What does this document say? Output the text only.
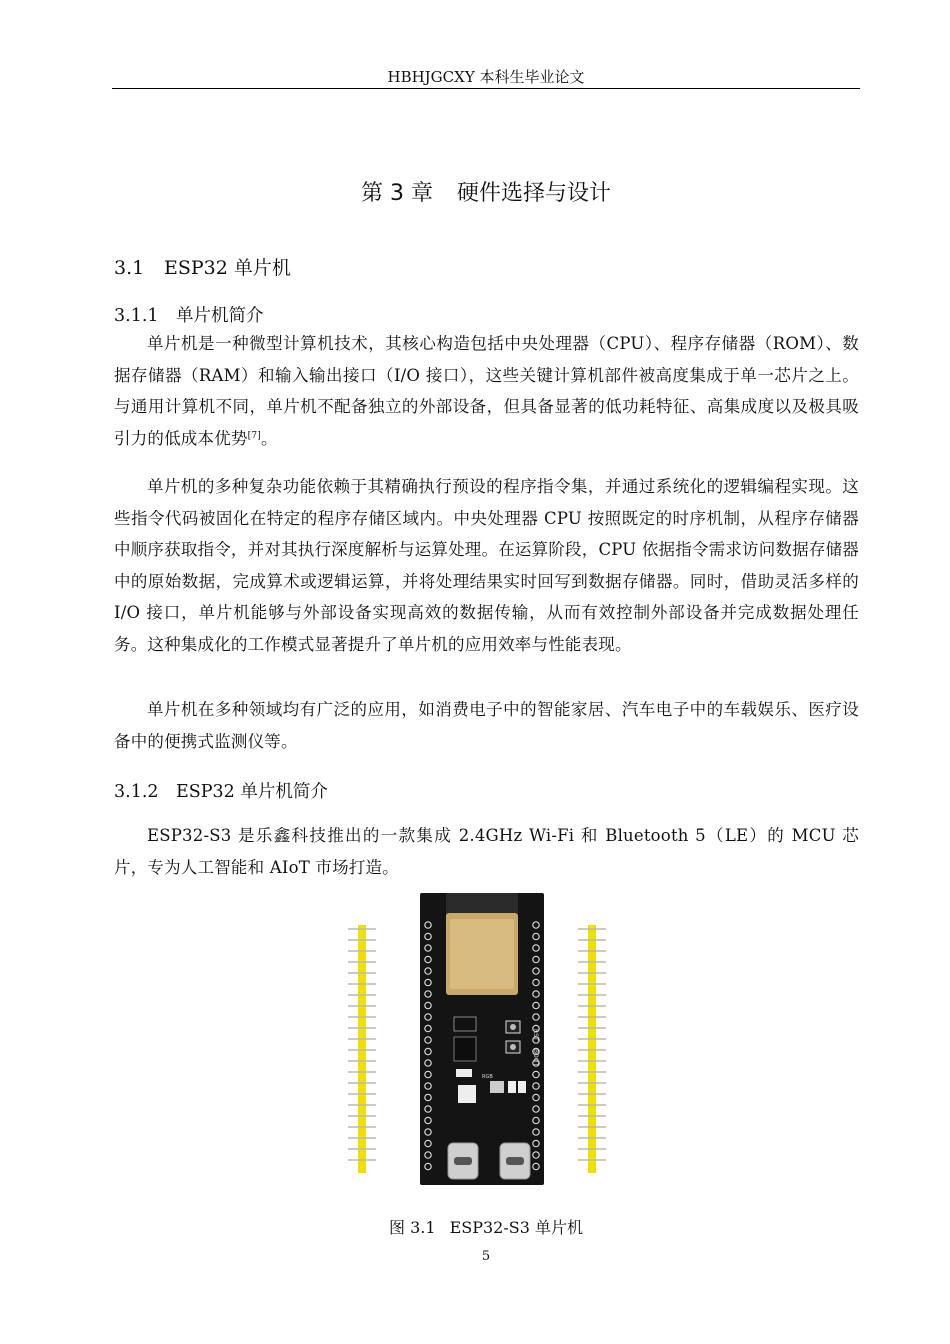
HBHJGCXY 本科生毕业论文
第 3 章 硬件选择与设计
3.1 ESP32 单片机
3.1.1 单片机简介

单片机是一种微型计算机技术，其核心构造包括中央处理器（CPU）、程序存储器（ROM）、数据存储器（RAM）和输入输出接口（I/O 接口），这些关键计算机部件被高度集成于单一芯片之上。与通用计算机不同，单片机不配备独立的外部设备，但具备显著的低功耗特征、高集成度以及极具吸引力的低成本优势[7]。

单片机的多种复杂功能依赖于其精确执行预设的程序指令集，并通过系统化的逻辑编程实现。这些指令代码被固化在特定的程序存储区域内。中央处理器 CPU 按照既定的时序机制，从程序存储器中顺序获取指令，并对其执行深度解析与运算处理。在运算阶段，CPU 依据指令需求访问数据存储器中的原始数据，完成算术或逻辑运算，并将处理结果实时回写到数据存储器。同时，借助灵活多样的 I/O 接口，单片机能够与外部设备实现高效的数据传输，从而有效控制外部设备并完成数据处理任务。这种集成化的工作模式显著提升了单片机的应用效率与性能表现。

单片机在多种领域均有广泛的应用，如消费电子中的智能家居、汽车电子中的车载娱乐、医疗设备中的便携式监测仪等。

3.1.2 ESP32 单片机简介

ESP32-S3 是乐鑫科技推出的一款集成 2.4GHz Wi-Fi 和 Bluetooth 5（LE）的 MCU 芯片，专为人工智能和 AIoT 市场打造。

RST
BOOT
RGB
图 3.1 ESP32-S3 单片机
5
